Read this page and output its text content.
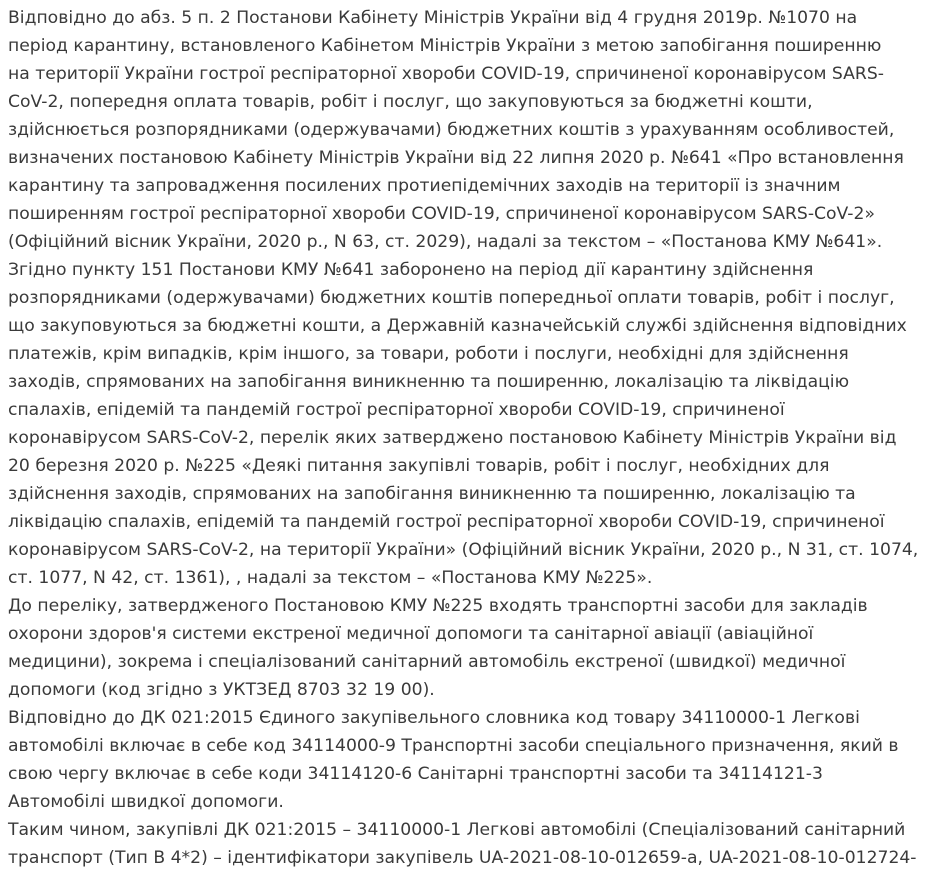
Відповідно до абз. 5 п. 2 Постанови Кабінету Міністрів України від 4 грудня 2019р. №1070 на
період карантину, встановленого Кабінетом Міністрів України з метою запобігання поширенню
на території України гострої респіраторної хвороби COVID-19, спричиненої коронавірусом SARS-
CoV-2, попередня оплата товарів, робіт і послуг, що закуповуються за бюджетні кошти,
здійснюється розпорядниками (одержувачами) бюджетних коштів з урахуванням особливостей,
визначених постановою Кабінету Міністрів України від 22 липня 2020 р. №641 «Про встановлення
карантину та запровадження посилених протиепідемічних заходів на території із значним
поширенням гострої респіраторної хвороби COVID-19, спричиненої коронавірусом SARS-CoV-2»
(Офіційний вісник України, 2020 р., N 63, ст. 2029), надалі за текстом – «Постанова КМУ №641».

Згідно пункту 151 Постанови КМУ №641 заборонено на період дії карантину здійснення
розпорядниками (одержувачами) бюджетних коштів попередньої оплати товарів, робіт і послуг,
що закуповуються за бюджетні кошти, а Державній казначейській службі здійснення відповідних
платежів, крім випадків, крім іншого, за товари, роботи і послуги, необхідні для здійснення
заходів, спрямованих на запобігання виникненню та поширенню, локалізацію та ліквідацію
спалахів, епідемій та пандемій гострої респіраторної хвороби COVID-19, спричиненої
коронавірусом SARS-CoV-2, перелік яких затверджено постановою Кабінету Міністрів України від
20 березня 2020 р. №225 «Деякі питання закупівлі товарів, робіт і послуг, необхідних для
здійснення заходів, спрямованих на запобігання виникненню та поширенню, локалізацію та
ліквідацію спалахів, епідемій та пандемій гострої респіраторної хвороби COVID-19, спричиненої
коронавірусом SARS-CoV-2, на території України» (Офіційний вісник України, 2020 р., N 31, ст. 1074,
ст. 1077, N 42, ст. 1361), , надалі за текстом – «Постанова КМУ №225».

До переліку, затвердженого Постановою КМУ №225 входять транспортні засоби для закладів
охорони здоров'я системи екстреної медичної допомоги та санітарної авіації (авіаційної
медицини), зокрема і спеціалізований санітарний автомобіль екстреної (швидкої) медичної
допомоги (код згідно з УКТЗЕД 8703 32 19 00).

Відповідно до ДК 021:2015 Єдиного закупівельного словника код товару 34110000-1 Легкові
автомобілі включає в себе код 34114000-9 Транспортні засоби спеціального призначення, який в
свою чергу включає в себе коди 34114120-6 Санітарні транспортні засоби та 34114121-3
Автомобілі швидкої допомоги.

Таким чином, закупівлі ДК 021:2015 – 34110000-1 Легкові автомобілі (Спеціалізований санітарний
транспорт (Тип В 4*2) – ідентифікатори закупівель UA-2021-08-10-012659-а, UA-2021-08-10-012724-
